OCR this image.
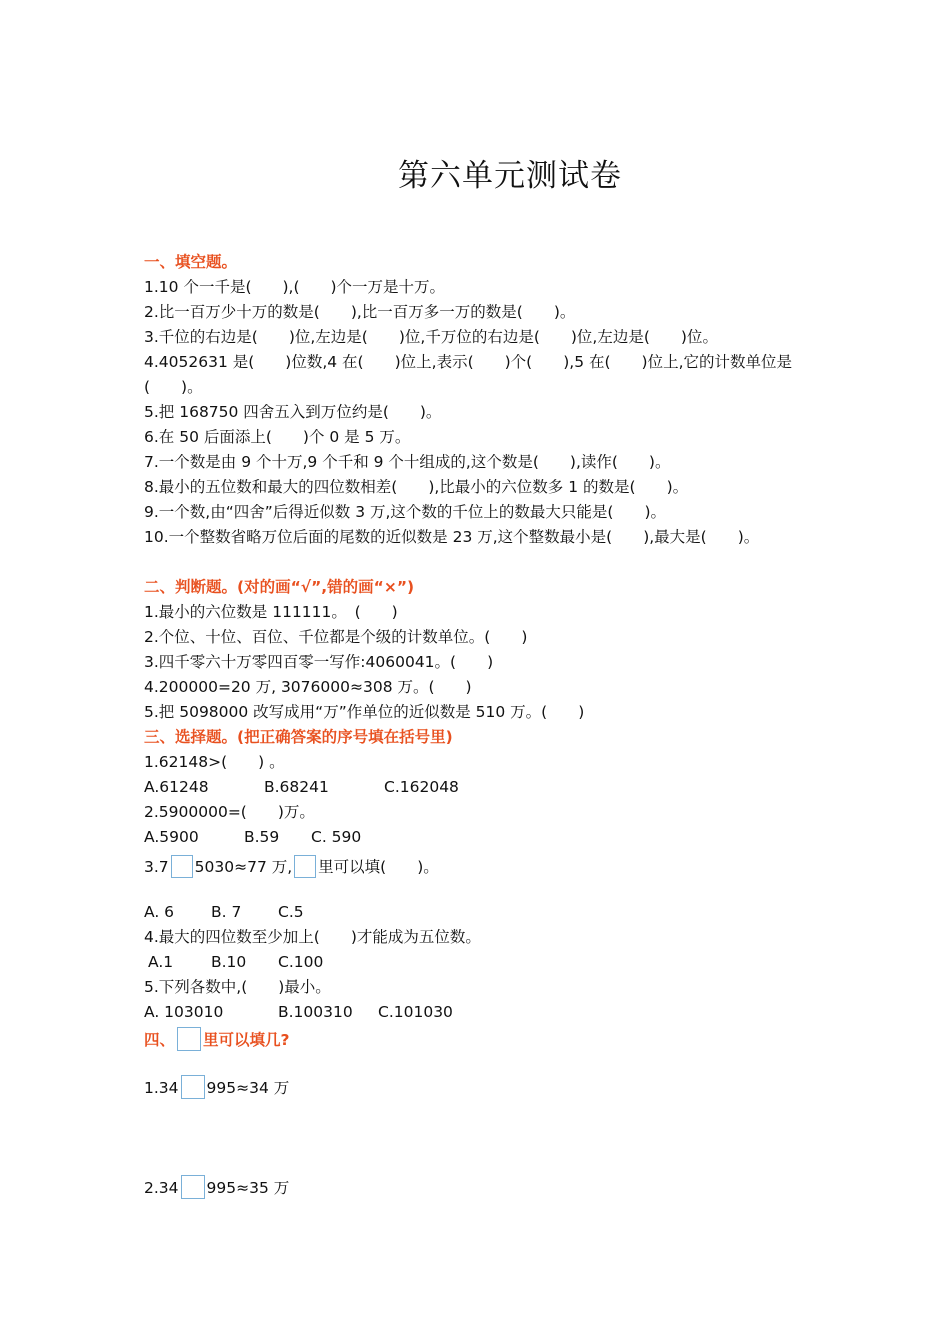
第六单元测试卷
一、填空题。
1.10 个一千是(　　),(　　)个一万是十万。
2.比一百万少十万的数是(　　),比一百万多一万的数是(　　)。
3.千位的右边是(　　)位,左边是(　　)位,千万位的右边是(　　)位,左边是(　　)位。
4.4052631 是(　　)位数,4 在(　　)位上,表示(　　)个(　　),5 在(　　)位上,它的计数单位是(　　)。
5.把 168750 四舍五入到万位约是(　　)。
6.在 50 后面添上(　　)个 0 是 5 万。
7.一个数是由 9 个十万,9 个千和 9 个十组成的,这个数是(　　),读作(　　)。
8.最小的五位数和最大的四位数相差(　　),比最小的六位数多 1 的数是(　　)。
9.一个数,由“四舍”后得近似数 3 万,这个数的千位上的数最大只能是(　　)。
10.一个整数省略万位后面的尾数的近似数是 23 万,这个整数最小是(　　),最大是(　　)。
二、判断题。(对的画“√”,错的画“×”)
1.最小的六位数是 111111。　(　　)
2.个位、十位、百位、千位都是个级的计数单位。(　　)
3.四千零六十万零四百零一写作:4060041。(　　)
4.200000=20 万, 3076000≈308 万。(　　)
5.把 5098000 改写成用“万”作单位的近似数是 510 万。(　　)
三、选择题。(把正确答案的序号填在括号里)
1.62148>(　　) 。
A.61248	B.68241	C.162048
2.5900000=(　　)万。
A.5900	B.59 C. 590
3.7 5030≈77 万, 里可以填(　　)。
A. 6 B. 7 C.5
4.最大的四位数至少加上(　　)才能成为五位数。
A.1 B.10 C.100
5.下列各数中,(　　)最小。
A. 103010	B.100310 C.101030
四、 里可以填几?
1.34 995≈34 万
2.34 995≈35 万
